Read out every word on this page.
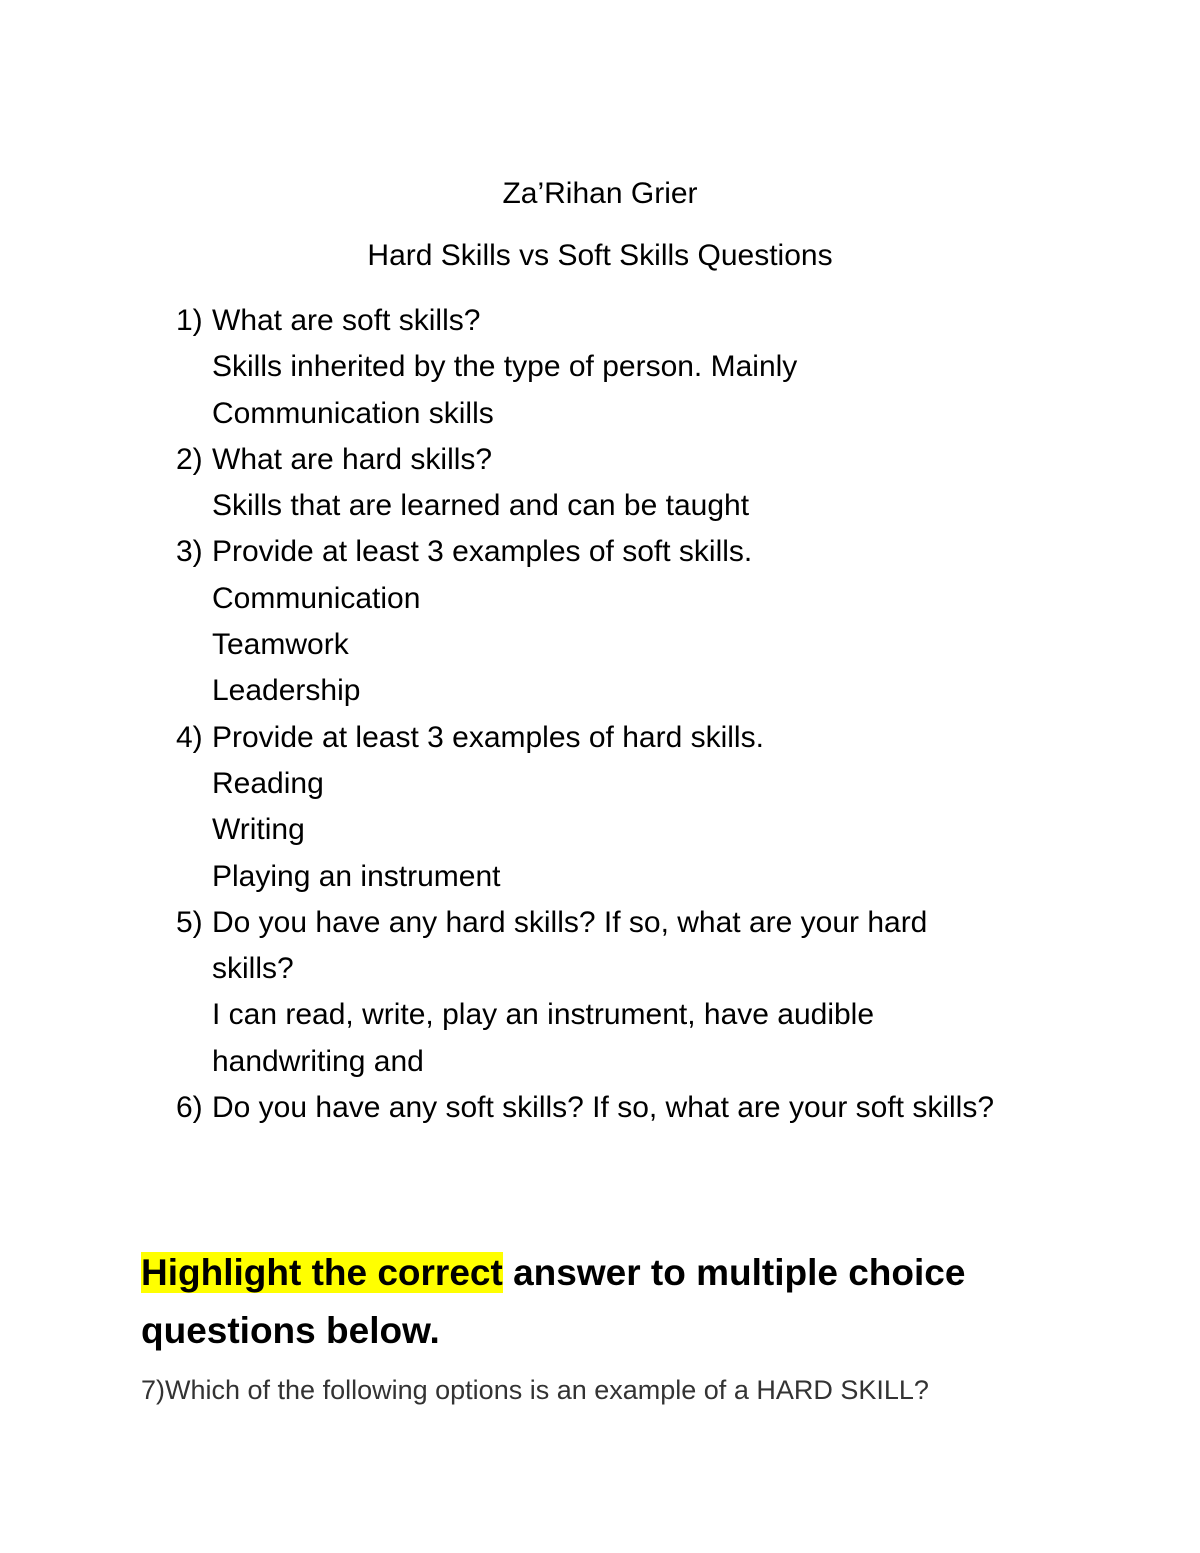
Za’Rihan Grier
Hard Skills vs Soft Skills Questions
1) What are soft skills?
Skills inherited by the type of person. Mainly
Communication skills
2) What are hard skills?
Skills that are learned and can be taught
3) Provide at least 3 examples of soft skills.
Communication
Teamwork
Leadership
4) Provide at least 3 examples of hard skills.
Reading
Writing
Playing an instrument
5) Do you have any hard skills? If so, what are your hard
skills?
I can read, write, play an instrument, have audible
handwriting and
6) Do you have any soft skills? If so, what are your soft skills?
Highlight the correct answer to multiple choice
questions below.
7)Which of the following options is an example of a HARD SKILL?
